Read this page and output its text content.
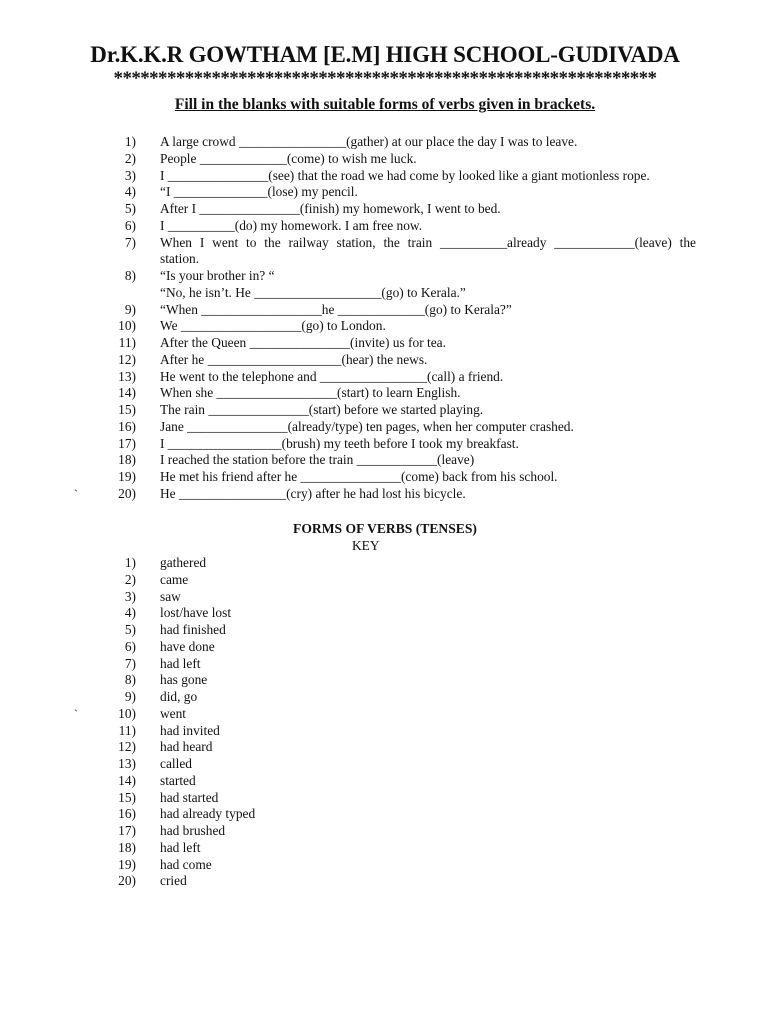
Dr.K.K.R GOWTHAM [E.M] HIGH SCHOOL-GUDIVADA
*************************************************************
Fill in the blanks with suitable forms of verbs given in brackets.
1) A large crowd ________________(gather) at our place the day I was to leave.
2) People _____________(come) to wish me luck.
3) I _______________(see) that the road we had come by looked like a giant motionless rope.
4) “I ______________(lose) my pencil.
5) After I _______________(finish) my homework, I went to bed.
6) I __________(do) my homework. I am free now.
7) When I went to the railway station, the train __________already ____________(leave) the
station.
8) “Is your brother in? “
“No, he isn’t. He ___________________(go) to Kerala.”
9) “When __________________he _____________(go) to Kerala?”
10) We __________________(go) to London.
11) After the Queen _______________(invite) us for tea.
12) After he ____________________(hear) the news.
13) He went to the telephone and ________________(call) a friend.
14) When she __________________(start) to learn English.
15) The rain _______________(start) before we started playing.
16) Jane _______________(already/type) ten pages, when her computer crashed.
17) I _________________(brush) my teeth before I took my breakfast.
18) I reached the station before the train ____________(leave)
19) He met his friend after he _______________(come) back from his school.
`	20) He ________________(cry) after he had lost his bicycle.
FORMS OF VERBS (TENSES)
KEY
1) gathered
2) came
3) saw
4) lost/have lost
5) had finished
6) have done
7) had left
8) has gone
9) did, go
`	10) went
11) had invited
12) had heard
13) called
14) started
15) had started
16) had already typed
17) had brushed
18) had left
19) had come
20) cried
